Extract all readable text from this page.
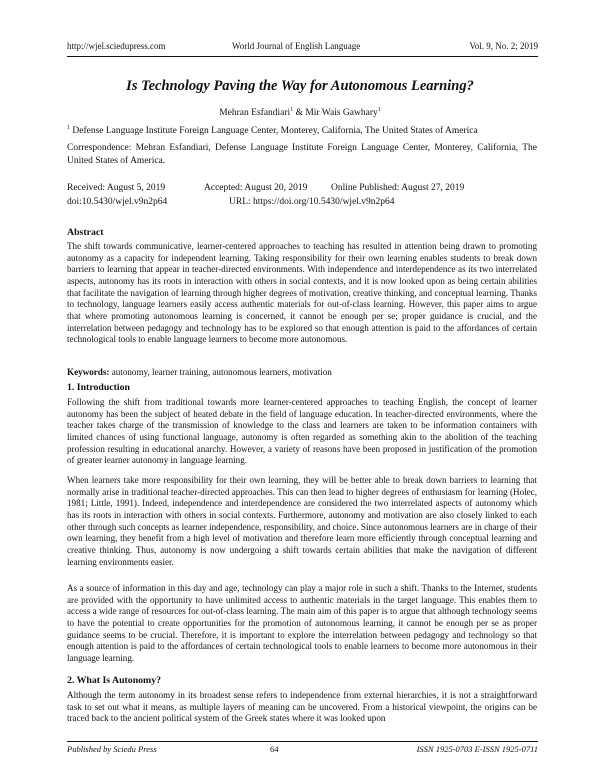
http://wjel.sciedupress.com	World Journal of English Language	Vol. 9, No. 2; 2019
Is Technology Paving the Way for Autonomous Learning?
Mehran Esfandiari$^1$ & Mir Wais Gawhary$^1$
$^1$ Defense Language Institute Foreign Language Center, Monterey, California, The United States of America
Correspondence: Mehran Esfandiari, Defense Language Institute Foreign Language Center, Monterey, California, The United States of America.
Received: August 5, 2019	Accepted: August 20, 2019 Online Published: August 27, 2019
doi:10.5430/wjel.v9n2p64	URL: https://doi.org/10.5430/wjel.v9n2p64
Abstract
The shift towards communicative, learner-centered approaches to teaching has resulted in attention being drawn to promoting autonomy as a capacity for independent learning. Taking responsibility for their own learning enables students to break down barriers to learning that appear in teacher-directed environments. With independence and interdependence as its two interrelated aspects, autonomy has its roots in interaction with others in social contexts, and it is now looked upon as being certain abilities that facilitate the navigation of learning through higher degrees of motivation, creative thinking, and conceptual learning. Thanks to technology, language learners easily access authentic materials for out-of-class learning. However, this paper aims to argue that where promoting autonomous learning is concerned, it cannot be enough per se; proper guidance is crucial, and the interrelation between pedagogy and technology has to be explored so that enough attention is paid to the affordances of certain technological tools to enable language learners to become more autonomous.
Keywords: autonomy, learner training, autonomous learners, motivation
1. Introduction
Following the shift from traditional towards more learner-centered approaches to teaching English, the concept of learner autonomy has been the subject of heated debate in the field of language education. In teacher-directed environments, where the teacher takes charge of the transmission of knowledge to the class and learners are taken to be information containers with limited chances of using functional language, autonomy is often regarded as something akin to the abolition of the teaching profession resulting in educational anarchy. However, a variety of reasons have been proposed in justification of the promotion of greater learner autonomy in language learning.
When learners take more responsibility for their own learning, they will be better able to break down barriers to learning that normally arise in traditional teacher-directed approaches. This can then lead to higher degrees of enthusiasm for learning (Holec, 1981; Little, 1991). Indeed, independence and interdependence are considered the two interrelated aspects of autonomy which has its roots in interaction with others in social contexts. Furthermore, autonomy and motivation are also closely linked to each other through such concepts as learner independence, responsibility, and choice. Since autonomous learners are in charge of their own learning, they benefit from a high level of motivation and therefore learn more efficiently through conceptual learning and creative thinking. Thus, autonomy is now undergoing a shift towards certain abilities that make the navigation of different learning environments easier.
As a source of information in this day and age, technology can play a major role in such a shift. Thanks to the Internet, students are provided with the opportunity to have unlimited access to authentic materials in the target language. This enables them to access a wide range of resources for out-of-class learning. The main aim of this paper is to argue that although technology seems to have the potential to create opportunities for the promotion of autonomous learning, it cannot be enough per se as proper guidance seems to be crucial. Therefore, it is important to explore the interrelation between pedagogy and technology so that enough attention is paid to the affordances of certain technological tools to enable learners to become more autonomous in their language learning.
2. What Is Autonomy?
Although the term autonomy in its broadest sense refers to independence from external hierarchies, it is not a straightforward task to set out what it means, as multiple layers of meaning can be uncovered. From a historical viewpoint, the origins can be traced back to the ancient political system of the Greek states where it was looked upon
Published by Sciedu Press	64	ISSN 1925-0703 E-ISSN 1925-0711
